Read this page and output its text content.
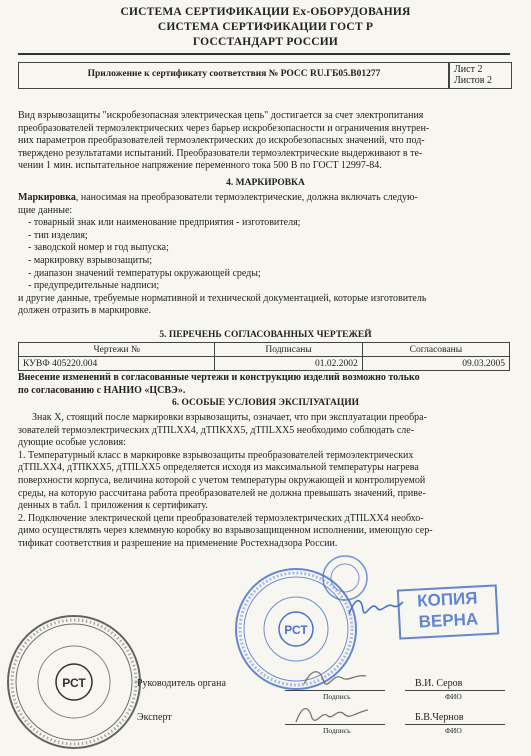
СИСТЕМА СЕРТИФИКАЦИИ Ex-ОБОРУДОВАНИЯ
СИСТЕМА СЕРТИФИКАЦИИ ГОСТ Р
ГОССТАНДАРТ РОССИИ
Приложение к сертификату соответствия № РОСС RU.ГБ05.В01277	Лист 2
Листов 2
Вид взрывозащиты "искробезопасная электрическая цепь" достигается за счет электропитания
преобразователей термоэлектрических через барьер искробезопасности и ограничения внутрен-
них параметров преобразователей термоэлектрических до искробезопасных значений, что под-
тверждено результатами испытаний. Преобразователи термоэлектрические выдерживают в те-
чении 1 мин. испытательное напряжение переменного тока 500 В по ГОСТ 12997-84.
4. МАРКИРОВКА
Маркировка, наносимая на преобразователи термоэлектрические, должна включать следую-
щие данные:
- товарный знак или наименование предприятия - изготовителя;
- тип изделия;
- заводской номер и год выпуска;
- маркировку взрывозащиты;
- диапазон значений температуры окружающей среды;
- предупредительные надписи;
и другие данные, требуемые нормативной и технической документацией, которые изготовитель
должен отразить в маркировке.
5. ПЕРЕЧЕНЬ СОГЛАСОВАННЫХ ЧЕРТЕЖЕЙ
Чертежи №	Подписаны	Согласованы
КУВФ 405220.004	01.02.2002	09.03.2005
Внесение изменений в согласованные чертежи и конструкцию изделий возможно только
по согласованию с НАНИО «ЦСВЭ».
6. ОСОБЫЕ УСЛОВИЯ ЭКСПЛУАТАЦИИ
Знак X, стоящий после маркировки взрывозащиты, означает, что при эксплуатации преобра-
зователей термоэлектрических дТПLXX4, дТПКXX5, дТПLXX5 необходимо соблюдать сле-
дующие особые условия:
1. Температурный класс в маркировке взрывозащиты преобразователей термоэлектрических
дТПLXX4, дТПКXX5, дТПLXX5 определяется исходя из максимальной температуры нагрева
поверхности корпуса, величина которой с учетом температуры окружающей и контролируемой
среды, на которую рассчитана работа преобразователей не должна превышать значений, приве-
денных в табл. 1 приложения к сертификату.
2. Подключение электрической цепи преобразователей термоэлектрических дТПLXX4 необхо-
димо осуществлять через клеммную коробку во взрывозащищенном исполнении, имеющую сер-
тификат соответствия и разрешение на применение Ростехнадзора России.
РСТ
РСТ
КОПИЯ
ВЕРНА
Руководитель органа
Подпись
В.И. Серов
ФИО
Эксперт
Подпись
Б.В.Чернов
ФИО
